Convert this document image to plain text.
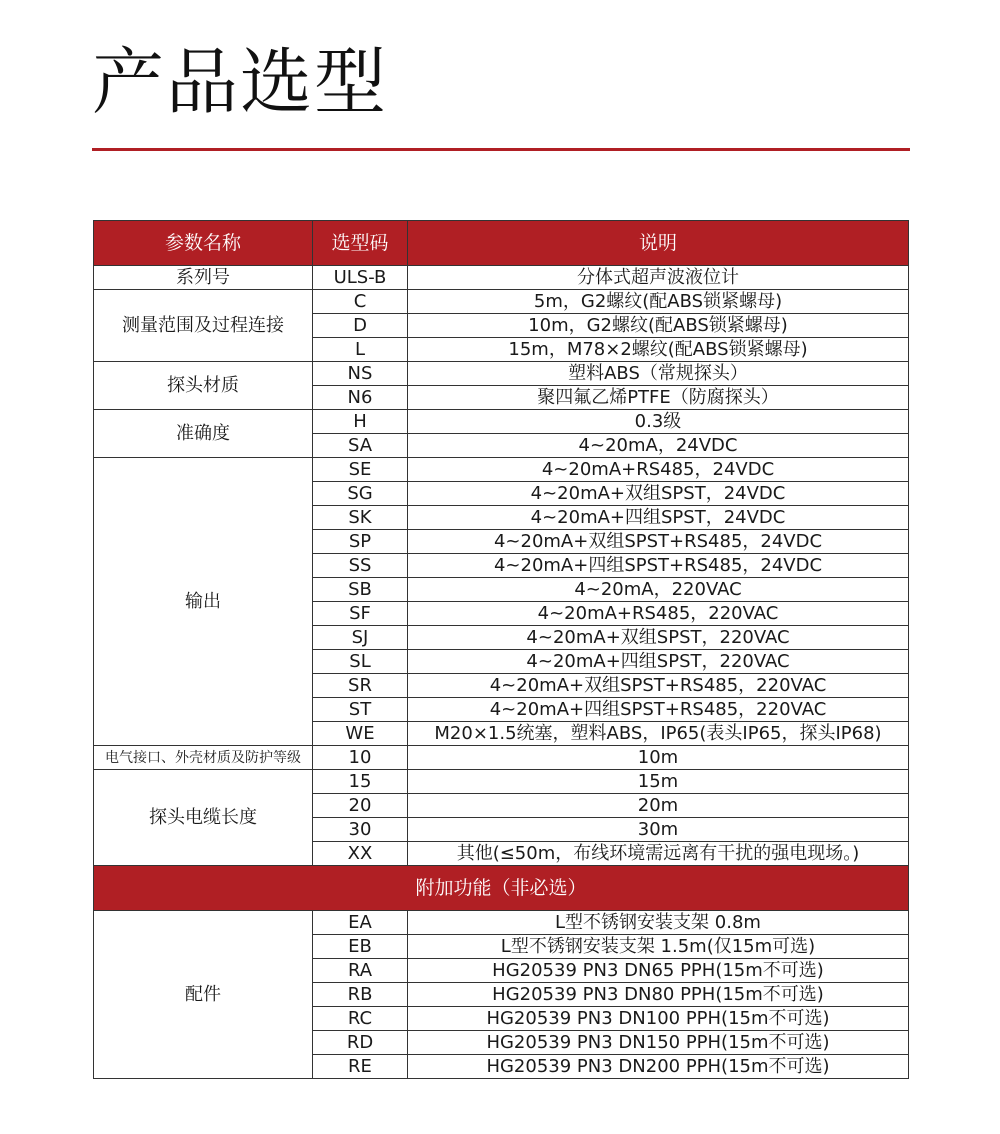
产品选型
参数名称	选型码	说明
系列号	ULS-B	分体式超声波液位计
测量范围及过程连接	C	5m，G2螺纹(配ABS锁紧螺母)
	D	10m，G2螺纹(配ABS锁紧螺母)
	L	15m，M78×2螺纹(配ABS锁紧螺母)
探头材质	NS	塑料ABS（常规探头）
	N6	聚四氟乙烯PTFE（防腐探头）
准确度	H	0.3级
	SA	4~20mA，24VDC
输出	SE	4~20mA+RS485，24VDC
	SG	4~20mA+双组SPST，24VDC
	SK	4~20mA+四组SPST，24VDC
	SP	4~20mA+双组SPST+RS485，24VDC
	SS	4~20mA+四组SPST+RS485，24VDC
	SB	4~20mA，220VAC
	SF	4~20mA+RS485，220VAC
	SJ	4~20mA+双组SPST，220VAC
	SL	4~20mA+四组SPST，220VAC
	SR	4~20mA+双组SPST+RS485，220VAC
	ST	4~20mA+四组SPST+RS485，220VAC
	WE	M20×1.5统塞，塑料ABS，IP65(表头IP65，探头IP68)
电气接口、外壳材质及防护等级	10	10m
探头电缆长度	15	15m
	20	20m
	30	30m
	XX	其他(≤50m，布线环境需远离有干扰的强电现场。)
附加功能（非必选）		
配件	EA	L型不锈钢安装支架 0.8m
	EB	L型不锈钢安装支架 1.5m(仅15m可选)
	RA	HG20539 PN3 DN65 PPH(15m不可选)
	RB	HG20539 PN3 DN80 PPH(15m不可选)
	RC	HG20539 PN3 DN100 PPH(15m不可选)
	RD	HG20539 PN3 DN150 PPH(15m不可选)
	RE	HG20539 PN3 DN200 PPH(15m不可选)
